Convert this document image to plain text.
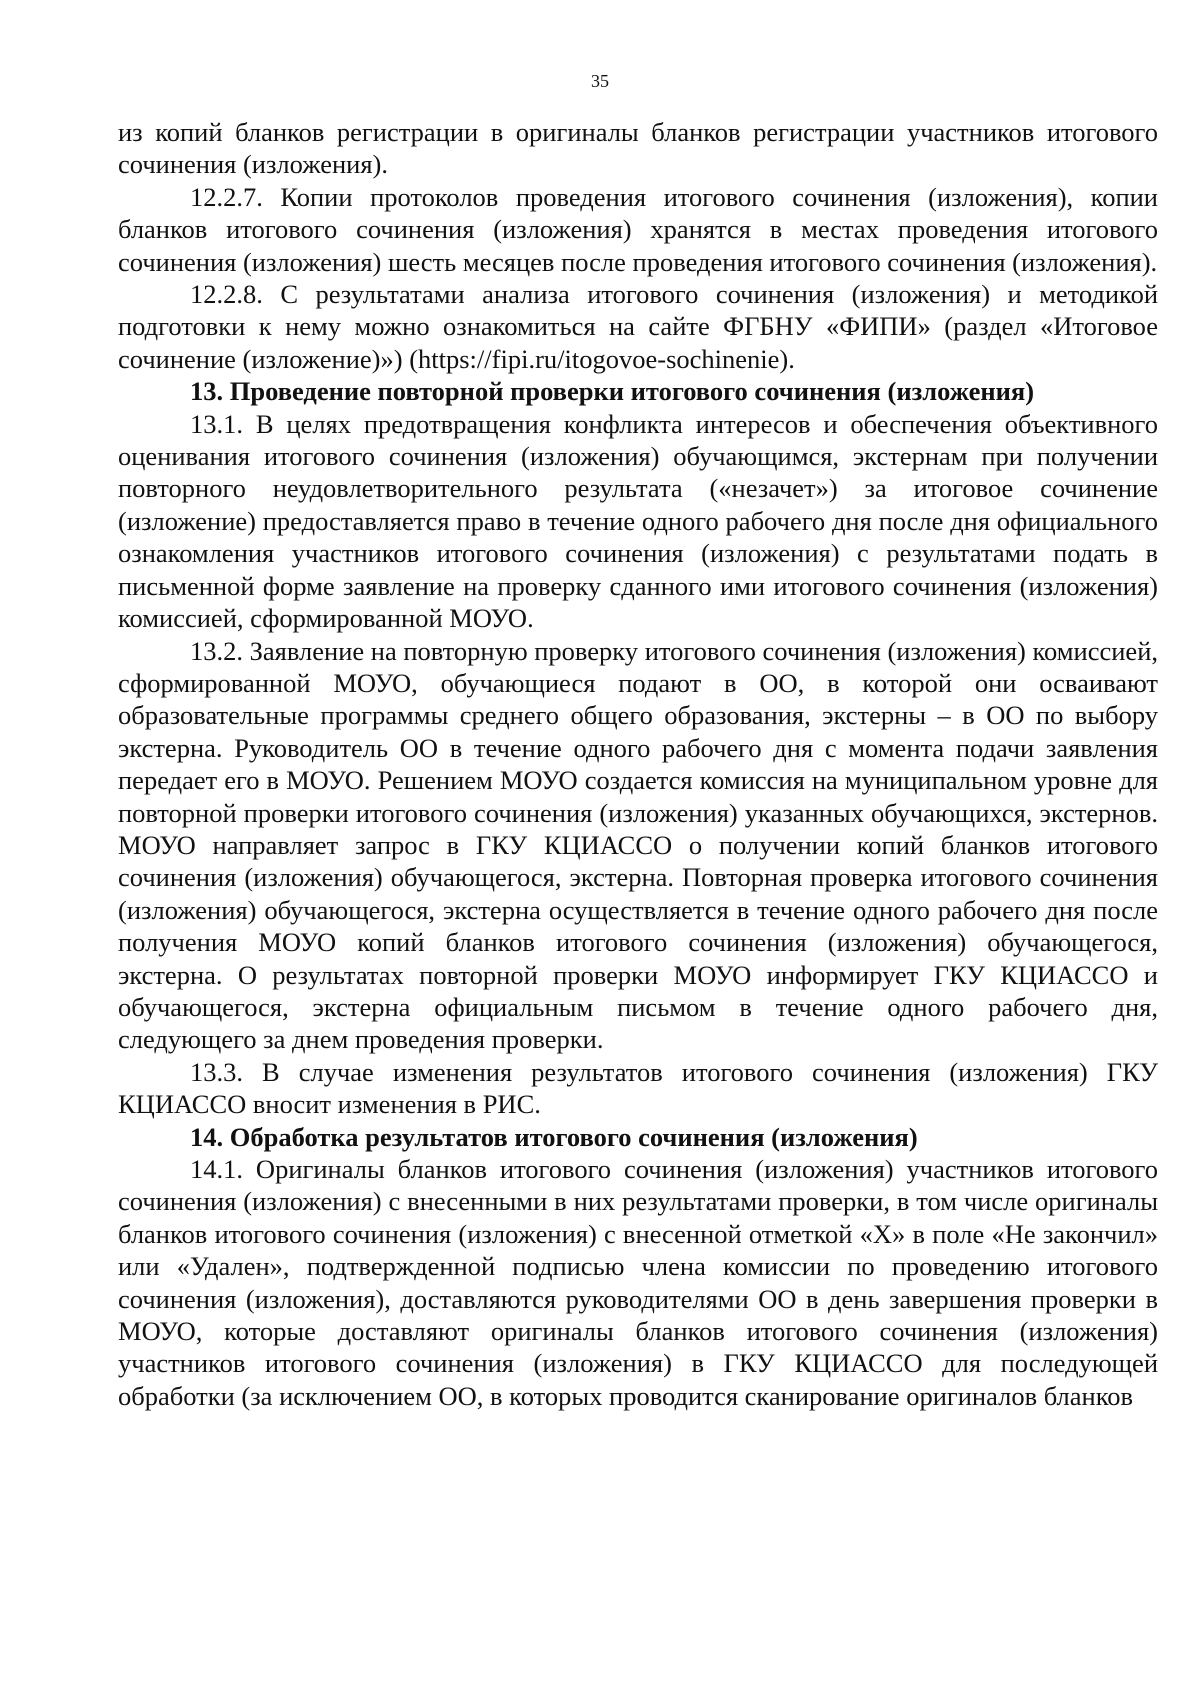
35

из копий бланков регистрации в оригиналы бланков регистрации участников итогового сочинения (изложения).

12.2.7. Копии протоколов проведения итогового сочинения (изложения), копии бланков итогового сочинения (изложения) хранятся в местах проведения итогового сочинения (изложения) шесть месяцев после проведения итогового сочинения (изложения).

12.2.8. С результатами анализа итогового сочинения (изложения) и методикой подготовки к нему можно ознакомиться на сайте ФГБНУ «ФИПИ» (раздел «Итоговое сочинение (изложение)») (https://fipi.ru/itogovoe-sochinenie).

13. Проведение повторной проверки итогового сочинения (изложения)

13.1. В целях предотвращения конфликта интересов и обеспечения объективного оценивания итогового сочинения (изложения) обучающимся, экстернам при получении повторного неудовлетворительного результата («незачет») за итоговое сочинение (изложение) предоставляется право в течение одного рабочего дня после дня официального ознакомления участников итогового сочинения (изложения) с результатами подать в письменной форме заявление на проверку сданного ими итогового сочинения (изложения) комиссией, сформированной МОУО.

13.2. Заявление на повторную проверку итогового сочинения (изложения) комиссией, сформированной МОУО, обучающиеся подают в ОО, в которой они осваивают образовательные программы среднего общего образования, экстерны – в ОО по выбору экстерна. Руководитель ОО в течение одного рабочего дня с момента подачи заявления передает его в МОУО. Решением МОУО создается комиссия на муниципальном уровне для повторной проверки итогового сочинения (изложения) указанных обучающихся, экстернов. МОУО направляет запрос в ГКУ КЦИАССО о получении копий бланков итогового сочинения (изложения) обучающегося, экстерна. Повторная проверка итогового сочинения (изложения) обучающегося, экстерна осуществляется в течение одного рабочего дня после получения МОУО копий бланков итогового сочинения (изложения) обучающегося, экстерна. О результатах повторной проверки МОУО информирует ГКУ КЦИАССО и обучающегося, экстерна официальным письмом в течение одного рабочего дня, следующего за днем проведения проверки.

13.3. В случае изменения результатов итогового сочинения (изложения) ГКУ КЦИАССО вносит изменения в РИС.

14. Обработка результатов итогового сочинения (изложения)

14.1. Оригиналы бланков итогового сочинения (изложения) участников итогового сочинения (изложения) с внесенными в них результатами проверки, в том числе оригиналы бланков итогового сочинения (изложения) с внесенной отметкой «X» в поле «Не закончил» или «Удален», подтвержденной подписью члена комиссии по проведению итогового сочинения (изложения), доставляются руководителями ОО в день завершения проверки в МОУО, которые доставляют оригиналы бланков итогового сочинения (изложения) участников итогового сочинения (изложения) в ГКУ КЦИАССО для последующей обработки (за исключением ОО, в которых проводится сканирование оригиналов бланков
